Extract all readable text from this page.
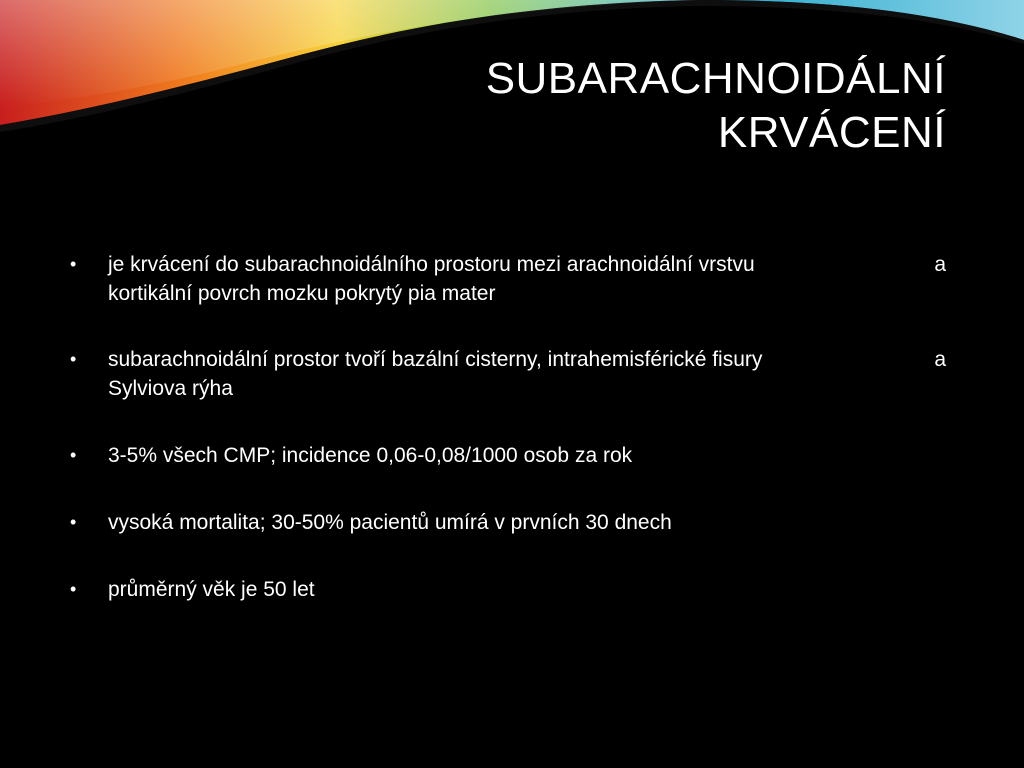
SUBARACHNOIDÁLNÍ
KRVÁCENÍ
• je krvácení do subarachnoidálního prostoru mezi arachnoidální vrstvu	a
kortikální povrch mozku pokrytý pia mater
• subarachnoidální prostor tvoří bazální cisterny, intrahemisférické fisury	a
Sylviova rýha
• 3-5% všech CMP; incidence 0,06-0,08/1000 osob za rok
• vysoká mortalita; 30-50% pacientů umírá v prvních 30 dnech
• průměrný věk je 50 let
